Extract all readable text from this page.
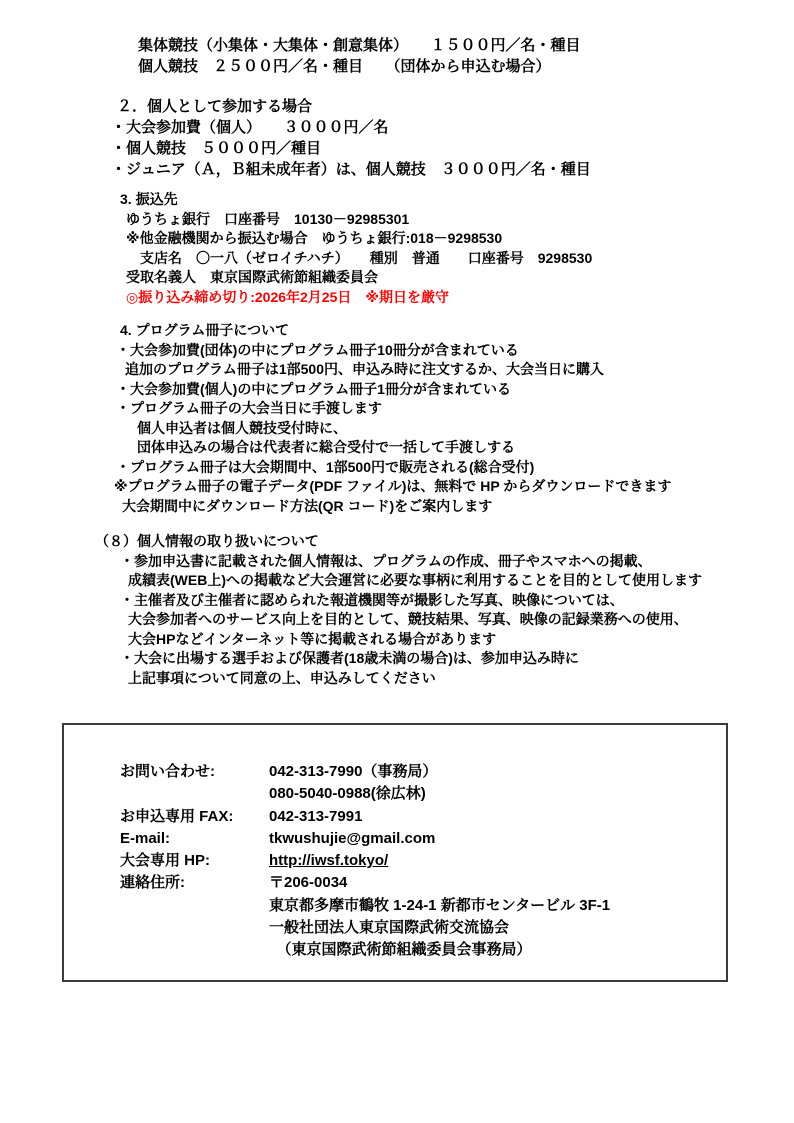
集体競技（小集体・大集体・創意集体）　　１５００円／名・種目
個人競技　２５００円／名・種目　　（団体から申込む場合）
２．個人として参加する場合
・大会参加費（個人）　　３０００円／名
・個人競技　５０００円／種目
・ジュニア（Ａ，Ｂ組未成年者）は、個人競技　３０００円／名・種目
3. 振込先
ゆうちょ銀行　口座番号　10130－92985301
※他金融機関から振込む場合　ゆうちょ銀行:018－9298530
支店名　〇一八（ゼロイチハチ）　　種別　普通　　口座番号　9298530
受取名義人　東京国際武術節組織委員会
◎振り込み締め切り:2026年2月25日　※期日を厳守
4. プログラム冊子について
・大会参加費(団体)の中にプログラム冊子10冊分が含まれている
追加のプログラム冊子は1部500円、申込み時に注文するか、大会当日に購入
・大会参加費(個人)の中にプログラム冊子1冊分が含まれている
・プログラム冊子の大会当日に手渡します
個人申込者は個人競技受付時に、
団体申込みの場合は代表者に総合受付で一括して手渡しする
・プログラム冊子は大会期間中、1部500円で販売される(総合受付)
※プログラム冊子の電子データ(PDF ファイル)は、無料で HP からダウンロードできます
大会期間中にダウンロード方法(QR コード)をご案内します
（８）個人情報の取り扱いについて
・参加申込書に記載された個人情報は、プログラムの作成、冊子やスマホへの掲載、
成績表(WEB上)への掲載など大会運営に必要な事柄に利用することを目的として使用します
・主催者及び主催者に認められた報道機関等が撮影した写真、映像については、
大会参加者へのサービス向上を目的として、競技結果、写真、映像の記録業務への使用、
大会HPなどインターネット等に掲載される場合があります
・大会に出場する選手および保護者(18歳未満の場合)は、参加申込み時に
上記事項について同意の上、申込みしてください
お問い合わせ:	042-313-7990（事務局）
080-5040-0988(徐広林)
お申込専用 FAX:	042-313-7991
E-mail:	tkwushujie@gmail.com
大会専用 HP:	http://iwsf.tokyo/
連絡住所:	〒206-0034
東京都多摩市鶴牧 1-24-1 新都市センタービル 3F-1
一般社団法人東京国際武術交流協会
　（東京国際武術節組織委員会事務局）
